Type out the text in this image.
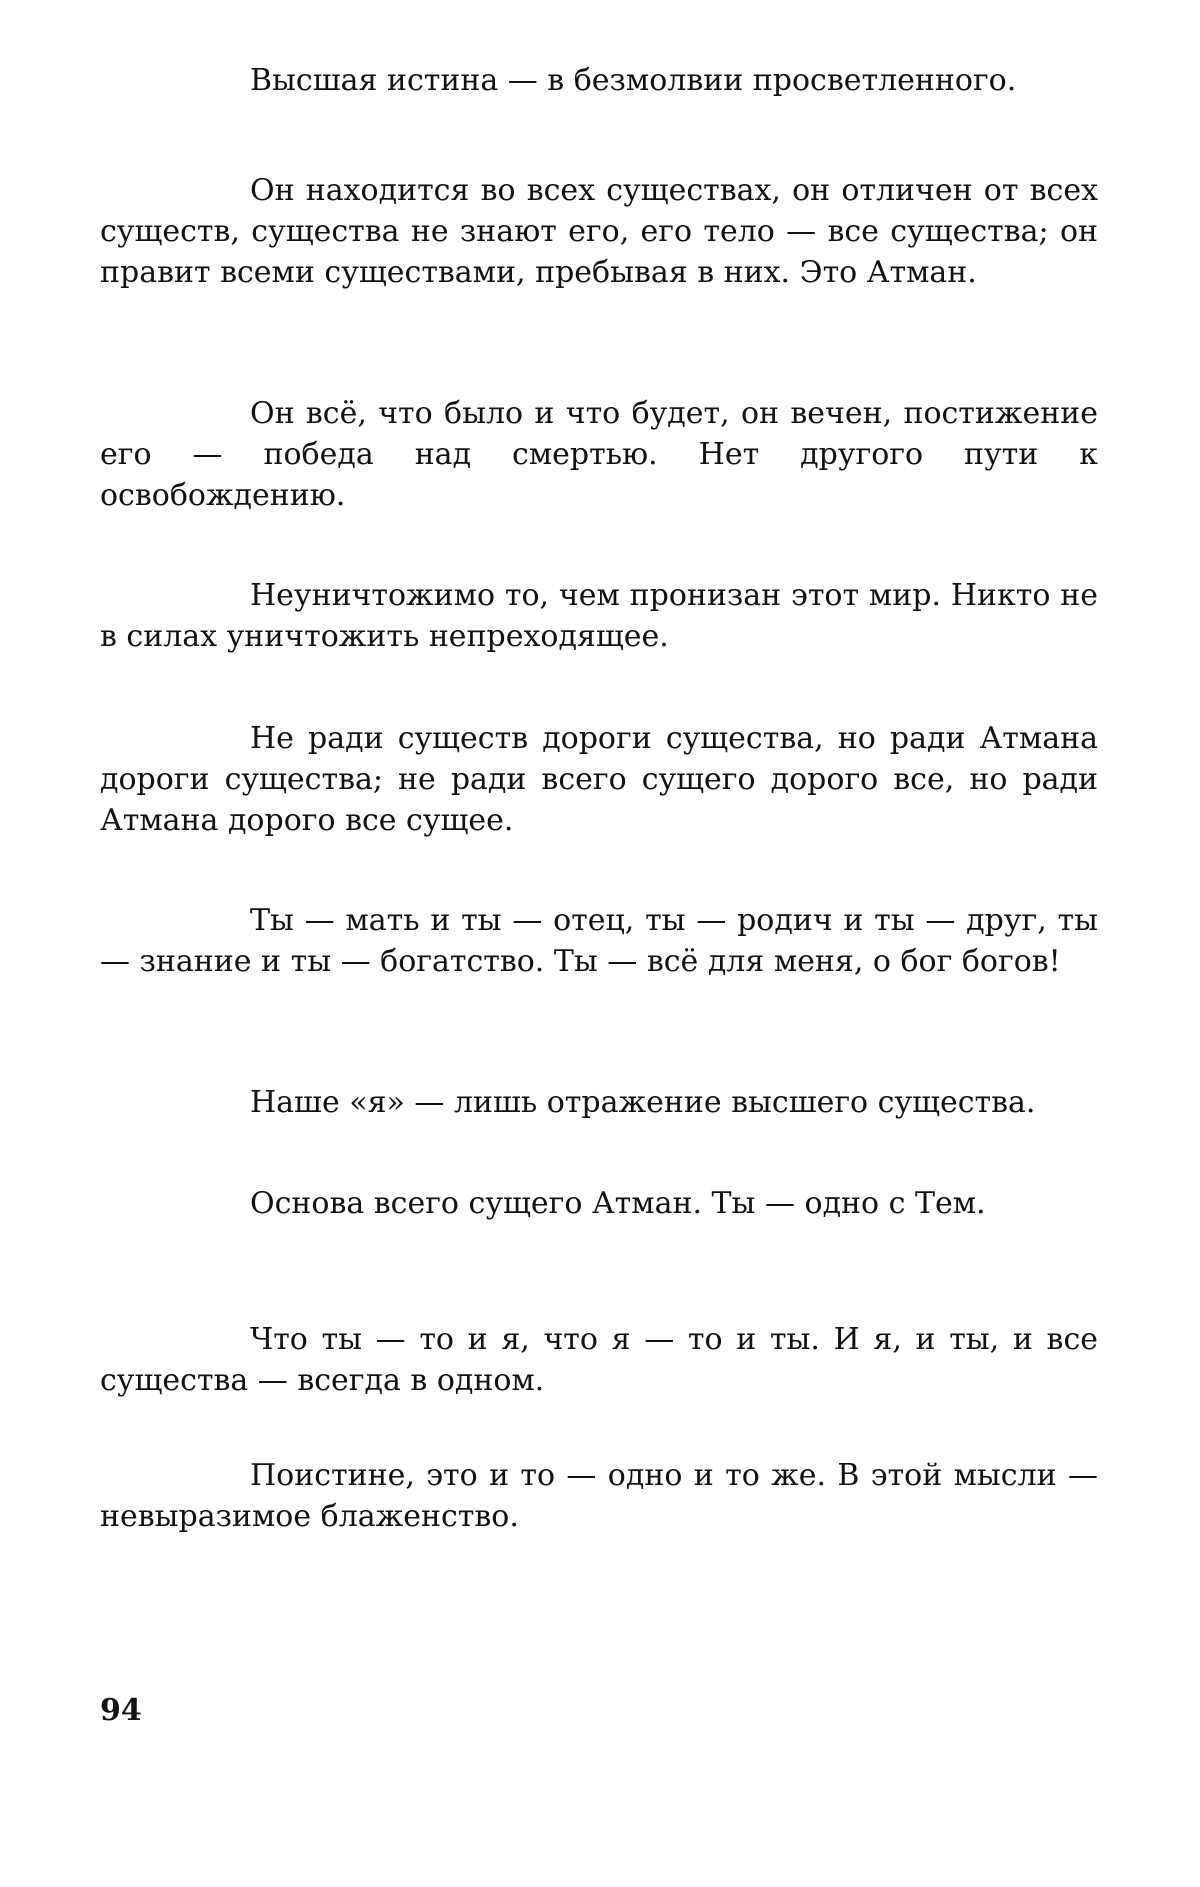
Высшая истина — в безмолвии просветленного.

Он находится во всех существах, он отличен от всех существ, существа не знают его, его тело — все существа; он правит всеми существами, пребывая в них. Это Атман.

Он всё, что было и что будет, он вечен, постижение его — победа над смертью. Нет другого пути к освобождению.

Неуничтожимо то, чем пронизан этот мир. Никто не в силах уничтожить непреходящее.

Не ради существ дороги существа, но ради Атмана дороги существа; не ради всего сущего дорого все, но ради Атмана дорого все сущее.

Ты — мать и ты — отец, ты — родич и ты — друг, ты — знание и ты — богатство. Ты — всё для меня, о бог богов!

Наше «я» — лишь отражение высшего существа.

Основа всего сущего Атман. Ты — одно с Тем.

Что ты — то и я, что я — то и ты. И я, и ты, и все существа — всегда в одном.

Поистине, это и то — одно и то же. В этой мысли — невыразимое блаженство.

94
